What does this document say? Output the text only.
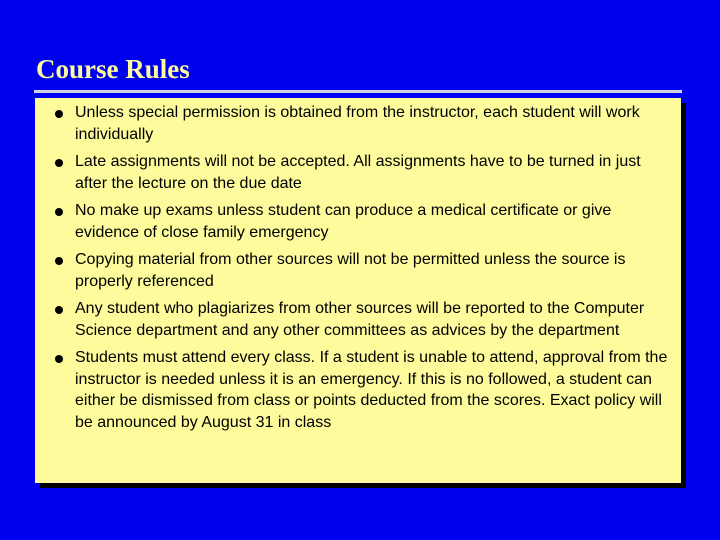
Course Rules
Unless special permission is obtained from the instructor, each student will work individually
Late assignments will not be accepted. All assignments have to be turned in just after the lecture on the due date
No make up exams unless student can produce a medical certificate or give evidence of close family emergency
Copying material from other sources will not be permitted unless the source is properly referenced
Any student who plagiarizes from other sources will be reported to the Computer Science department and any other committees as advices by the department
Students must attend every class. If a student is unable to attend, approval from the instructor is needed unless it is an emergency. If this is no followed, a student can either be dismissed from class or points deducted from the scores. Exact policy will be announced by August 31 in class
